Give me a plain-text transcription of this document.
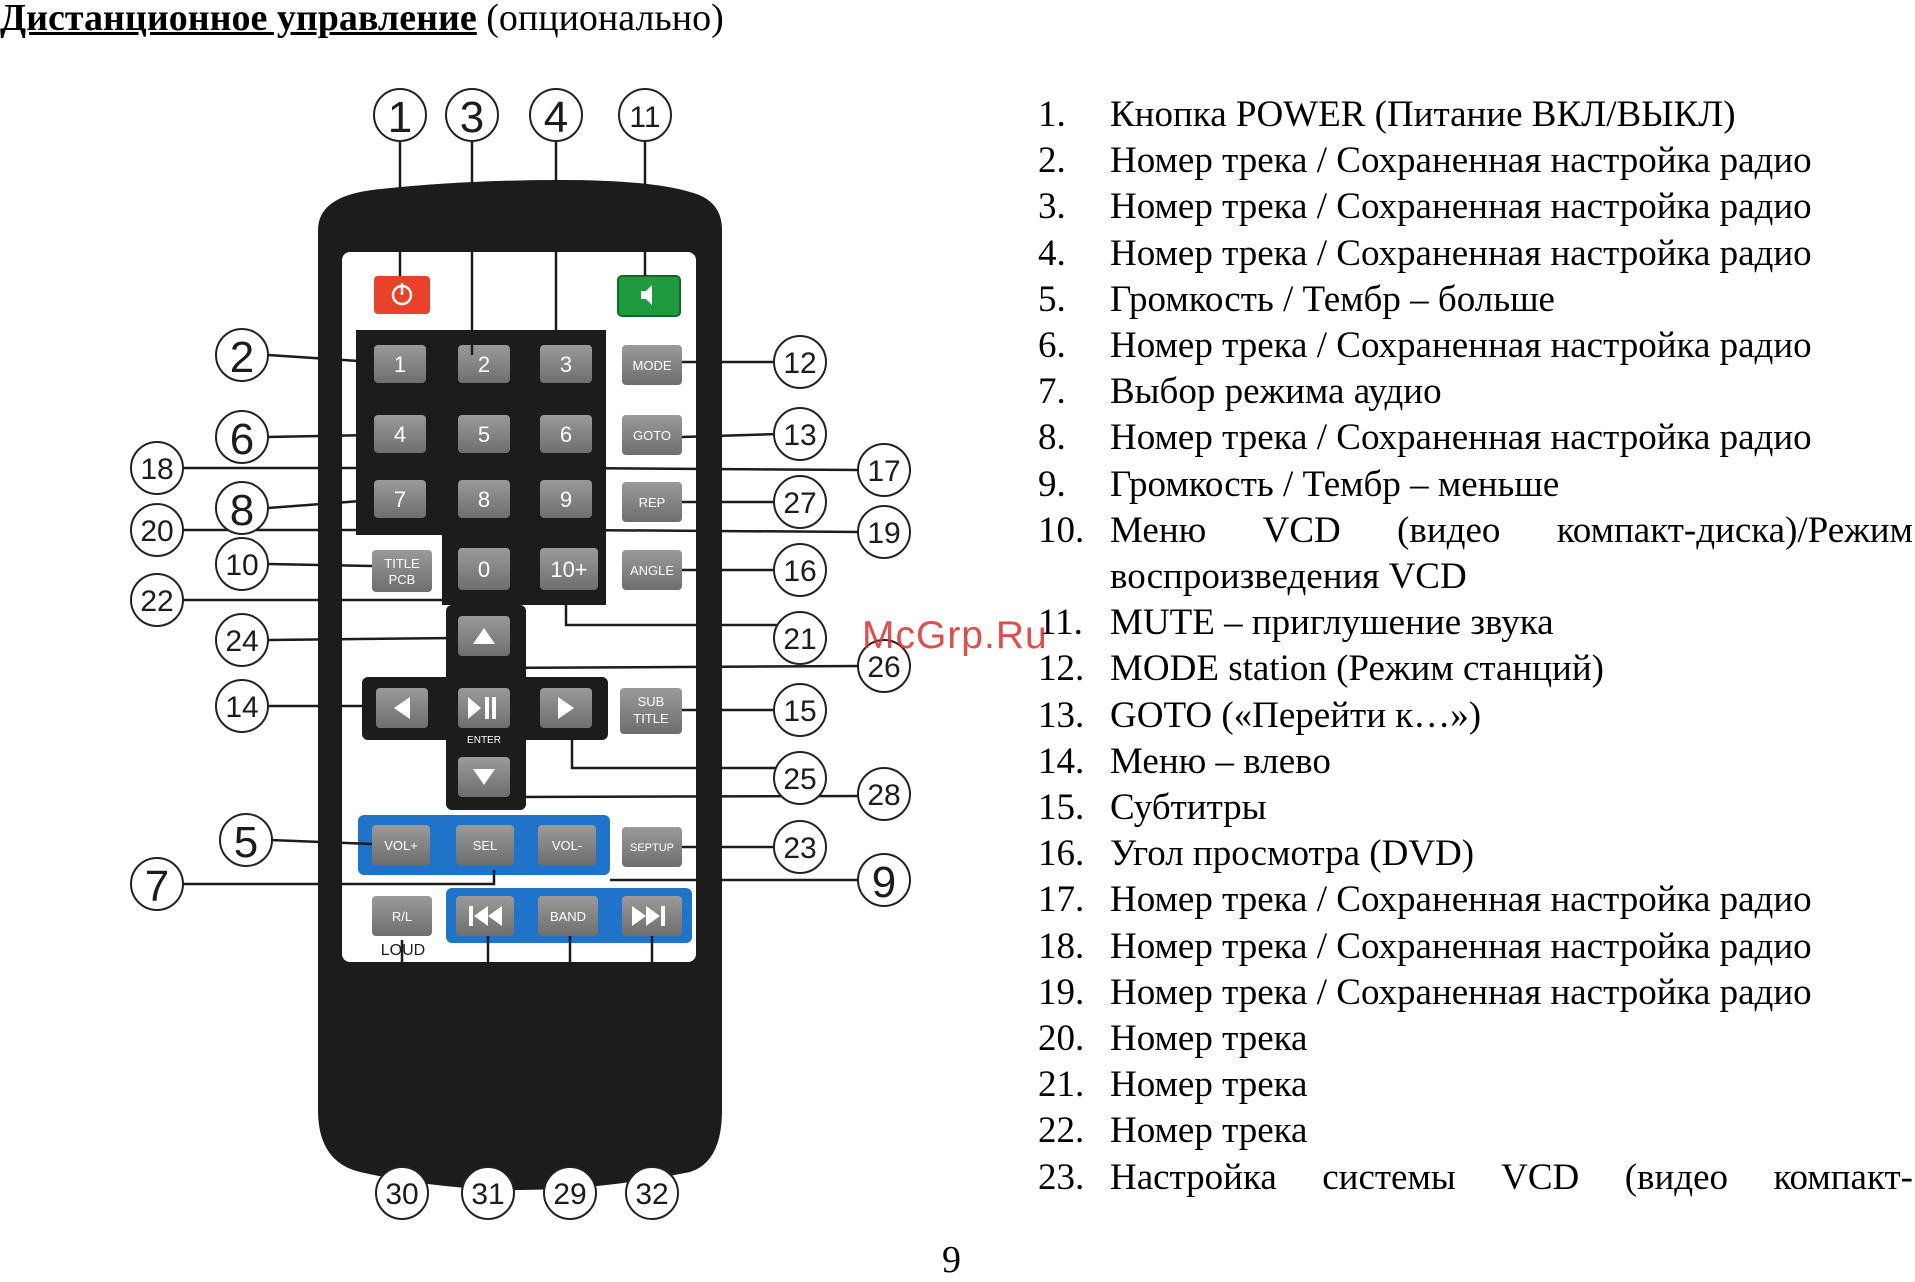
Дистанционное управление (опционально)
1	2	3
4	5	6
7	8	9
0	10+
MODE
GOTO
REP
ANGLE
TITLE
PCB
SUB
TITLE
ENTER
VOL+	SEL	VOL-	SEPTUP
R/L
LOUD
BAND
1 3 4 11
2	12
6	13
18	17
8	27
20	19
10	16
22
24	21
26
14	15
25 28
5	23
7	9
30 31 29 32
1. Кнопка POWER (Питание ВКЛ/ВЫКЛ)
2. Номер трека / Сохраненная настройка радио
3. Номер трека / Сохраненная настройка радио
4. Номер трека / Сохраненная настройка радио
5. Громкость / Тембр – больше
6. Номер трека / Сохраненная настройка радио
7. Выбор режима аудио
8. Номер трека / Сохраненная настройка радио
9. Громкость / Тембр – меньше
10. Меню VCD (видео компакт-диска)/Режим
воспроизведения VCD
11. MUTE – приглушение звука
12. MODE station (Режим станций)
13. GOTO («Перейти к…»)
14. Меню – влево
15. Субтитры
16. Угол просмотра (DVD)
17. Номер трека / Сохраненная настройка радио
18. Номер трека / Сохраненная настройка радио
19. Номер трека / Сохраненная настройка радио
20. Номер трека
21. Номер трека
22. Номер трека
23. Настройка системы VCD (видео компакт-
McGrp.Ru
9
